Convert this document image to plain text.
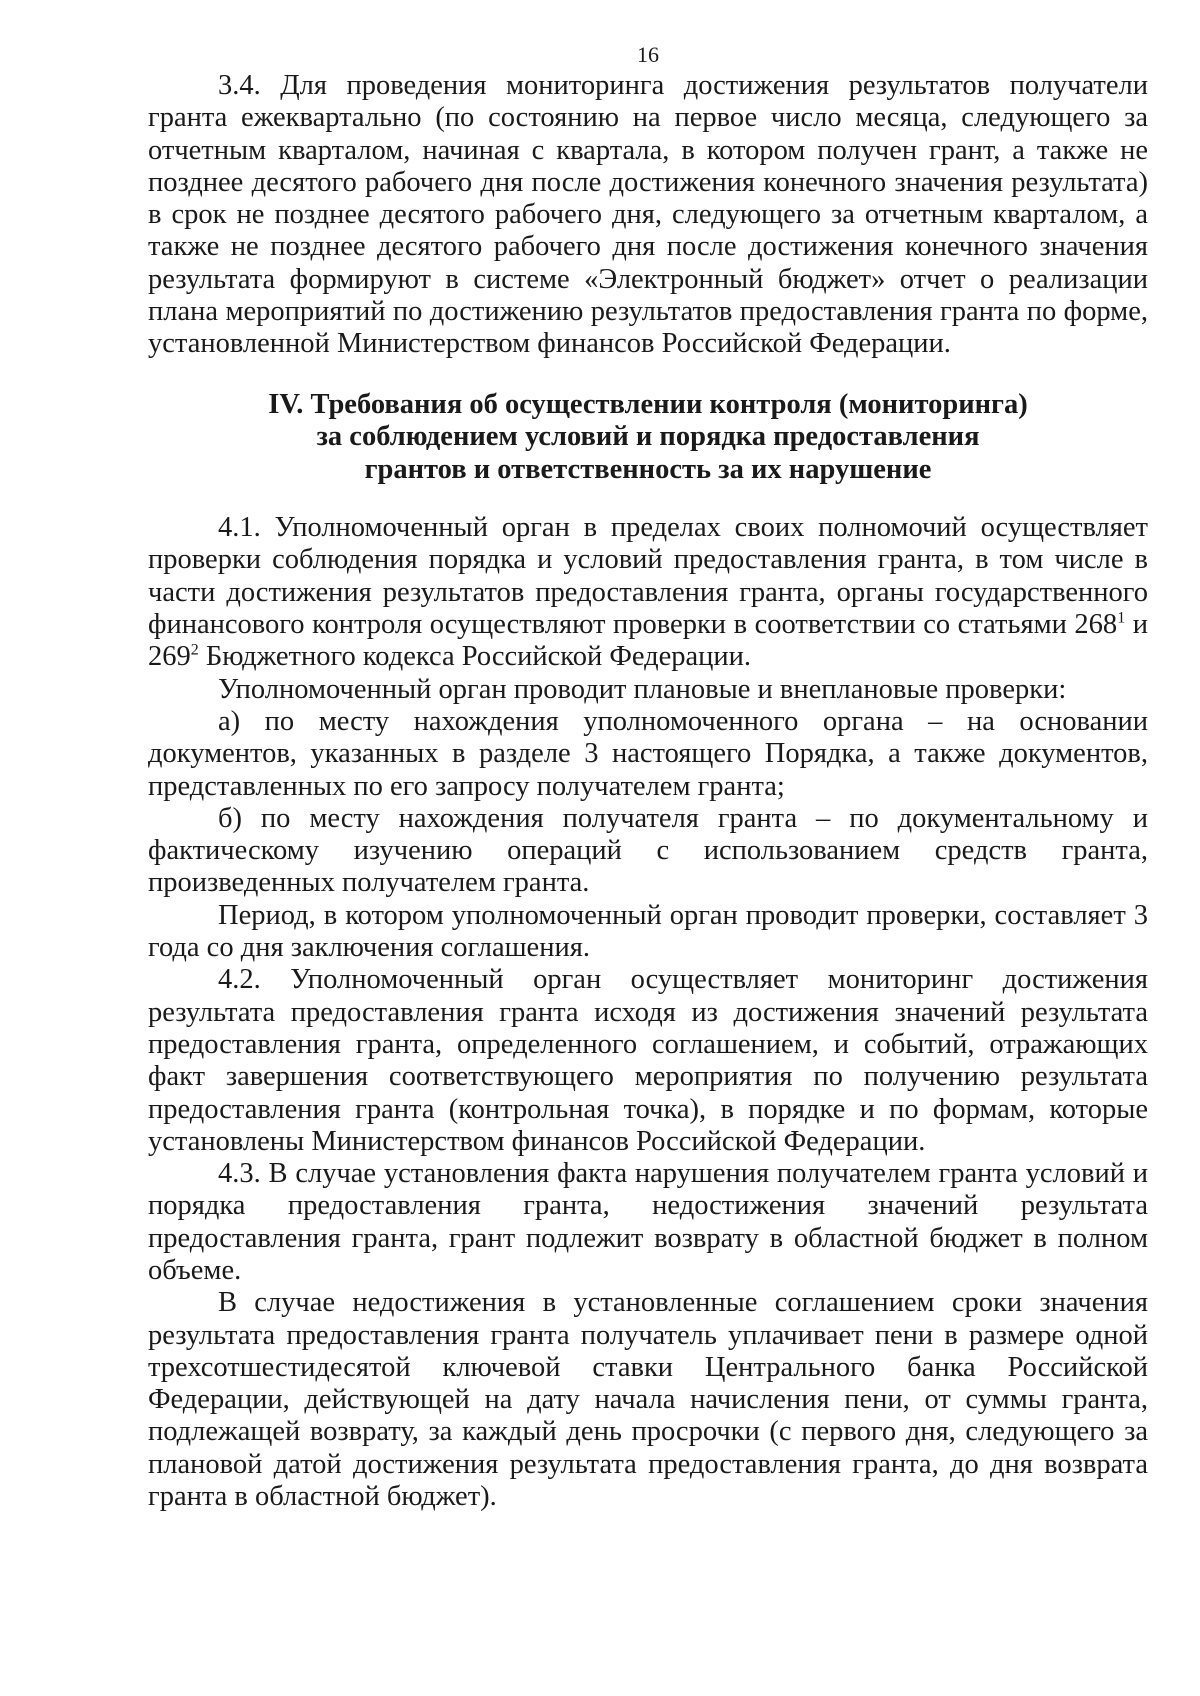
16

3.4. Для проведения мониторинга достижения результатов получатели гранта ежеквартально (по состоянию на первое число месяца, следующего за отчетным кварталом, начиная с квартала, в котором получен грант, а также не позднее десятого рабочего дня после достижения конечного значения результата) в срок не позднее десятого рабочего дня, следующего за отчетным кварталом, а также не позднее десятого рабочего дня после достижения конечного значения результата формируют в системе «Электронный бюджет» отчет о реализации плана мероприятий по достижению результатов предоставления гранта по форме, установленной Министерством финансов Российской Федерации.

IV. Требования об осуществлении контроля (мониторинга)
за соблюдением условий и порядка предоставления
грантов и ответственность за их нарушение

4.1. Уполномоченный орган в пределах своих полномочий осуществляет проверки соблюдения порядка и условий предоставления гранта, в том числе в части достижения результатов предоставления гранта, органы государственного финансового контроля осуществляют проверки в соответствии со статьями $268^1$ и $269^2$ Бюджетного кодекса Российской Федерации.

Уполномоченный орган проводит плановые и внеплановые проверки:

а) по месту нахождения уполномоченного органа – на основании документов, указанных в разделе 3 настоящего Порядка, а также документов, представленных по его запросу получателем гранта;

б) по месту нахождения получателя гранта – по документальному и фактическому изучению операций с использованием средств гранта, произведенных получателем гранта.

Период, в котором уполномоченный орган проводит проверки, составляет 3 года со дня заключения соглашения.

4.2. Уполномоченный орган осуществляет мониторинг достижения результата предоставления гранта исходя из достижения значений результата предоставления гранта, определенного соглашением, и событий, отражающих факт завершения соответствующего мероприятия по получению результата предоставления гранта (контрольная точка), в порядке и по формам, которые установлены Министерством финансов Российской Федерации.

4.3. В случае установления факта нарушения получателем гранта условий и порядка предоставления гранта, недостижения значений результата предоставления гранта, грант подлежит возврату в областной бюджет в полном объеме.

В случае недостижения в установленные соглашением сроки значения результата предоставления гранта получатель уплачивает пени в размере одной трехсотшестидесятой ключевой ставки Центрального банка Российской Федерации, действующей на дату начала начисления пени, от суммы гранта, подлежащей возврату, за каждый день просрочки (с первого дня, следующего за плановой датой достижения результата предоставления гранта, до дня возврата гранта в областной бюджет).
